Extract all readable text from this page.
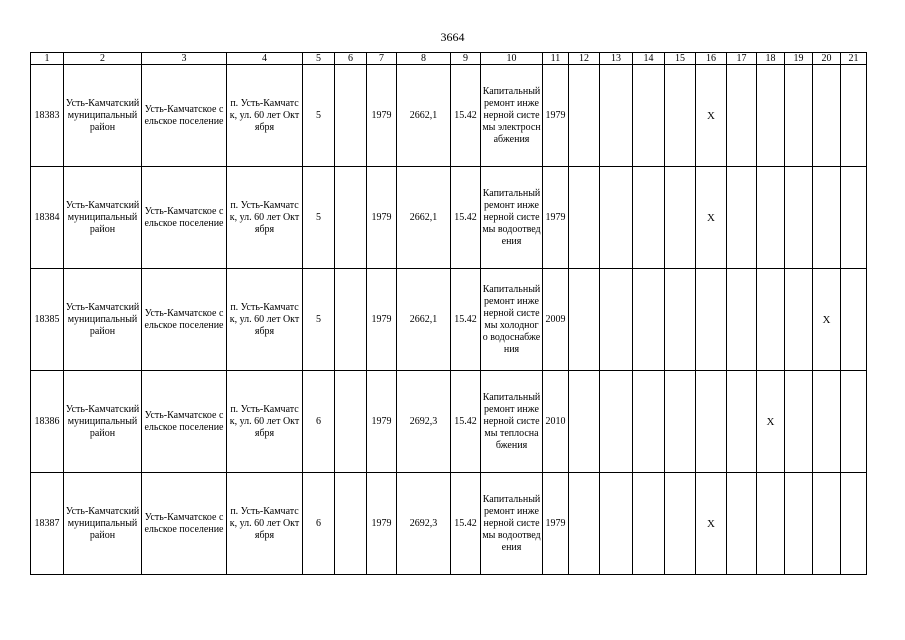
3664
1	2	3	4	5	6	7	8	9	10	11	12	13	14	15	16	17	18	19	20	21
18383	Усть-Камчатский муниципальный район	Усть-Камчатское сельское поселение	п. Усть-Камчатск, ул. 60 лет Октября	5		1979	2662,1	15.42	Капитальный ремонт инженерной системы электроснабжения	1979					X					
18384	Усть-Камчатский муниципальный район	Усть-Камчатское сельское поселение	п. Усть-Камчатск, ул. 60 лет Октября	5		1979	2662,1	15.42	Капитальный ремонт инженерной системы водоотведения	1979					X					
18385	Усть-Камчатский муниципальный район	Усть-Камчатское сельское поселение	п. Усть-Камчатск, ул. 60 лет Октября	5		1979	2662,1	15.42	Капитальный ремонт инженерной системы холодного водоснабжения	2009									X	
18386	Усть-Камчатский муниципальный район	Усть-Камчатское сельское поселение	п. Усть-Камчатск, ул. 60 лет Октября	6		1979	2692,3	15.42	Капитальный ремонт инженерной системы теплоснабжения	2010							X			
18387	Усть-Камчатский муниципальный район	Усть-Камчатское сельское поселение	п. Усть-Камчатск, ул. 60 лет Октября	6		1979	2692,3	15.42	Капитальный ремонт инженерной системы водоотведения	1979					X					
